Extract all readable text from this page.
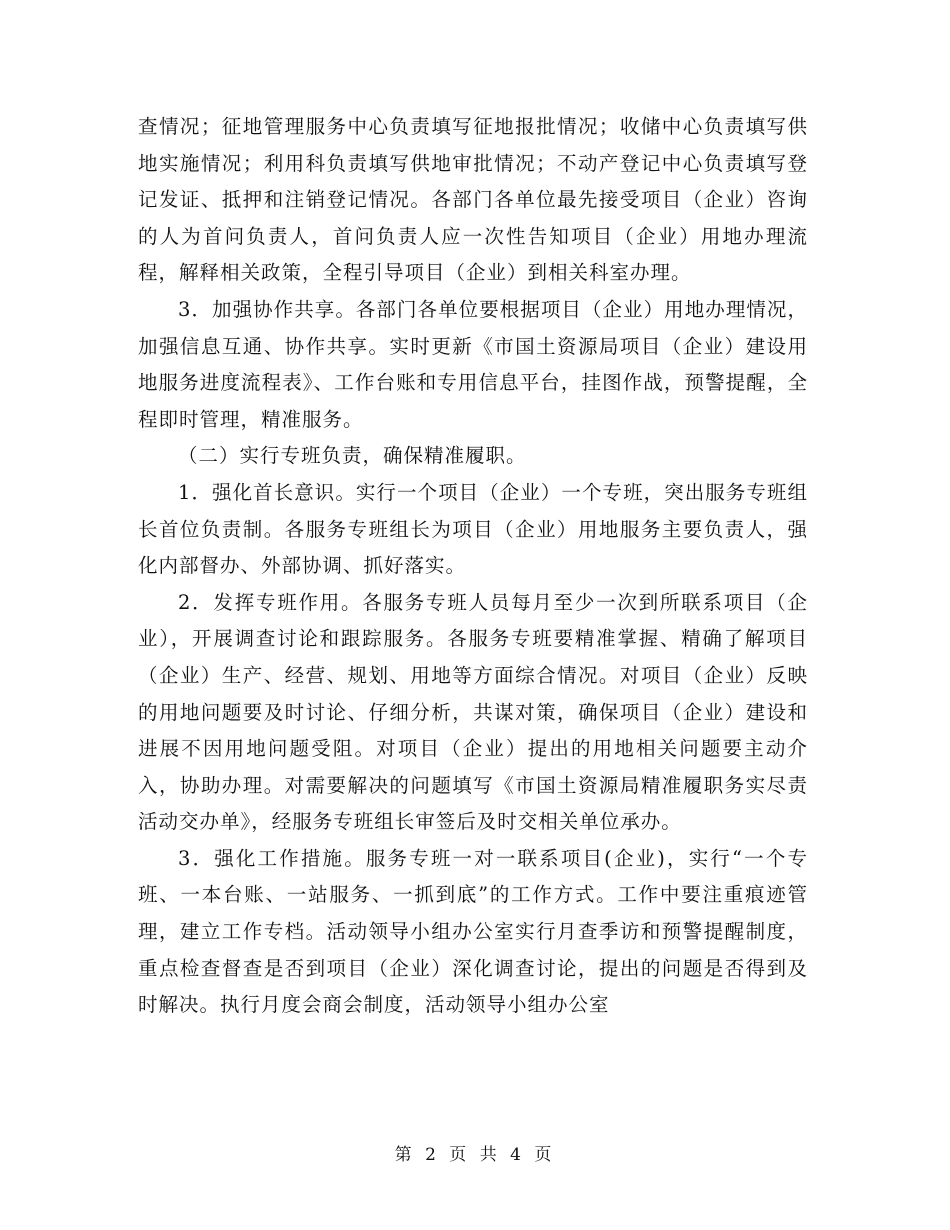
查情况；征地管理服务中心负责填写征地报批情况；收储中心负责填写供地实施情况；利用科负责填写供地审批情况；不动产登记中心负责填写登记发证、抵押和注销登记情况。各部门各单位最先接受项目（企业）咨询的人为首问负责人，首问负责人应一次性告知项目（企业）用地办理流程，解释相关政策，全程引导项目（企业）到相关科室办理。

3．加强协作共享。各部门各单位要根据项目（企业）用地办理情况，加强信息互通、协作共享。实时更新《市国土资源局项目（企业）建设用地服务进度流程表》、工作台账和专用信息平台，挂图作战，预警提醒，全程即时管理，精准服务。

（二）实行专班负责，确保精准履职。

1．强化首长意识。实行一个项目（企业）一个专班，突出服务专班组长首位负责制。各服务专班组长为项目（企业）用地服务主要负责人，强化内部督办、外部协调、抓好落实。

2．发挥专班作用。各服务专班人员每月至少一次到所联系项目（企业），开展调查讨论和跟踪服务。各服务专班要精准掌握、精确了解项目（企业）生产、经营、规划、用地等方面综合情况。对项目（企业）反映的用地问题要及时讨论、仔细分析，共谋对策，确保项目（企业）建设和进展不因用地问题受阻。对项目（企业）提出的用地相关问题要主动介入，协助办理。对需要解决的问题填写《市国土资源局精准履职务实尽责活动交办单》，经服务专班组长审签后及时交相关单位承办。

3．强化工作措施。服务专班一对一联系项目(企业)，实行“一个专班、一本台账、一站服务、一抓到底”的工作方式。工作中要注重痕迹管理，建立工作专档。活动领导小组办公室实行月查季访和预警提醒制度，重点检查督查是否到项目（企业）深化调查讨论，提出的问题是否得到及时解决。执行月度会商会制度，活动领导小组办公室

第 2 页 共 4 页
